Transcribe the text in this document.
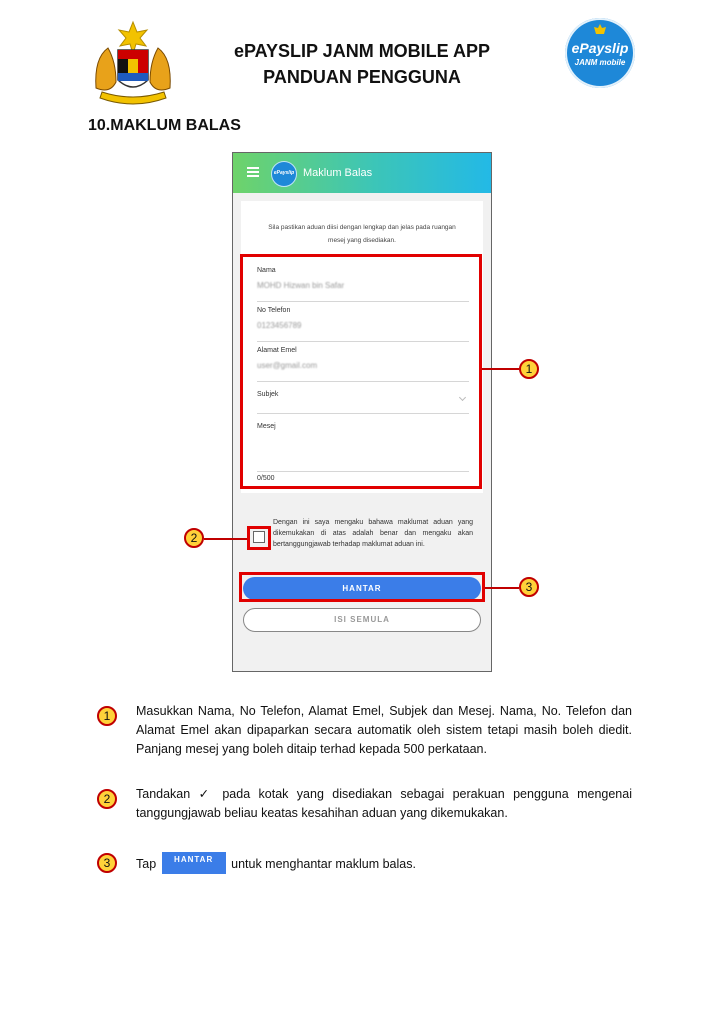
ePAYSLIP JANM MOBILE APP
PANDUAN PENGGUNA
ePayslip
JANM mobile
10.MAKLUM BALAS
ePayslip Maklum Balas
Sila pastikan aduan diisi dengan lengkap dan jelas pada ruangan mesej yang disediakan.
Nama
MOHD Hizwan bin Safar
No Telefon
0123456789
Alamat Emel
user@gmail.com
Subjek
Mesej
0/500
Dengan ini saya mengaku bahawa maklumat aduan yang dikemukakan di atas adalah benar dan mengaku akan bertanggungjawab terhadap maklumat aduan ini.
HANTAR
ISI SEMULA
1
2
3
1	Masukkan Nama, No Telefon, Alamat Emel, Subjek dan Mesej. Nama, No. Telefon dan Alamat Emel akan dipaparkan secara automatik oleh sistem tetapi masih boleh diedit. Panjang mesej yang boleh ditaip terhad kepada 500 perkataan.
2	Tandakan ✓ pada kotak yang disediakan sebagai perakuan pengguna mengenai tanggungjawab beliau keatas kesahihan aduan yang dikemukakan.
3	Tap HANTAR untuk menghantar maklum balas.
